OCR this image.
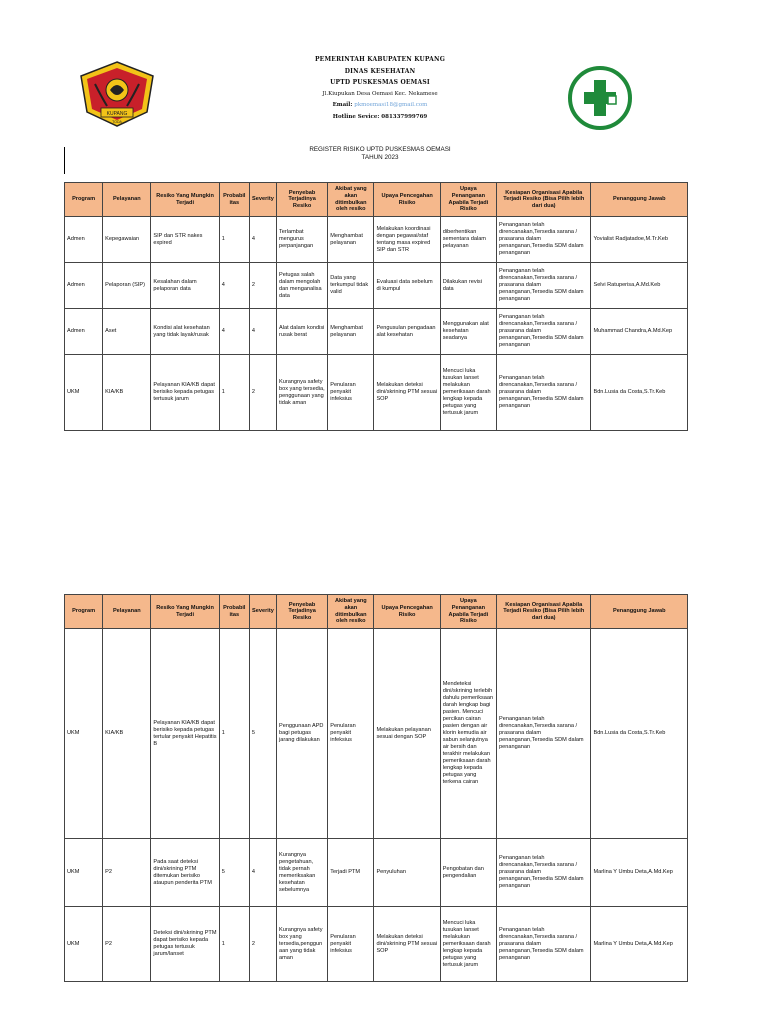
KUPANG
TODA
PEMERINTAH KABUPATEN KUPANG
DINAS KESEHATAN
UPTD PUSKESMAS OEMASI
Jl.Kiupukan Desa Oemasi Kec. Nekamese
Email: pkmoemasi18@gmail.com
Hotline Sevice: 081337999769
REGISTER RISIKO UPTD PUSKESMAS OEMASI
TAHUN 2023
Program	Pelayanan	Resiko Yang Mungkin Terjadi	Probabil itas	Severity	Penyebab Terjadinya Resiko	Akibat yang akan ditimbulkan oleh resiko	Upaya Pencegahan Risiko	Upaya Penanganan Apabila Terjadi Risiko	Kesiapan Organisasi Apabila Terjadi Resiko (Bisa Pilih lebih dari dua)	Penanggung Jawab
Admen	Kepegawaian	SIP dan STR nakes expired	1	4	Terlambat mengurus perpanjangan	Menghambat pelayanan	Melakukan koordinasi dengan pegawai/staf tentang masa expired SIP dan STR	diberhentikan sementara dalam pelayanan	Penanganan telah direncanakan,Tersedia sarana / prasarana dalam penanganan,Tersedia SDM dalam penanganan	Yovialist Radjatadoe,M.Tr.Keb
Admen	Pelaporan (SIP)	Kesalahan dalam pelaporan data	4	2	Petugas salah dalam mengolah dan menganalisa data	Data yang terkumpul tidak valid	Evaluasi data sebelum di kumpul	Dilakukan revisi data	Penanganan telah direncanakan,Tersedia sarana / prasarana dalam penanganan,Tersedia SDM dalam penanganan	Selvi Ratuperisa,A.Md.Keb
Admen	Aset	Kondisi alat kesehatan yang tidak layak/rusak	4	4	Alat dalam kondisi rusak berat	Menghambat pelayanan	Pengusulan pengadaan alat kesehatan	Menggunakan alat kesehatan seadanya	Penanganan telah direncanakan,Tersedia sarana / prasarana dalam penanganan,Tersedia SDM dalam penanganan	Muhammad Chandra,A.Md.Kep
UKM	KIA/KB	Pelayanan KIA/KB dapat berisiko kepada petugas tertusuk jarum	1	2	Kurangnya safety box yang tersedia, penggunaan yang tidak aman	Penularan penyakit infeksius	Melakukan deteksi dini/skrining PTM sesuai SOP	Mencuci luka tusukan lanset melakukan pemeriksaan darah lengkap kepada petugas yang tertusuk jarum	Penanganan telah direncanakan,Tersedia sarana / prasarana dalam penanganan,Tersedia SDM dalam penanganan	Bdn.Lusia da Costa,S.Tr.Keb
Program	Pelayanan	Resiko Yang Mungkin Terjadi	Probabil itas	Severity	Penyebab Terjadinya Resiko	Akibat yang akan ditimbulkan oleh resiko	Upaya Pencegahan Risiko	Upaya Penanganan Apabila Terjadi Risiko	Kesiapan Organisasi Apabila Terjadi Resiko (Bisa Pilih lebih dari dua)	Penanggung Jawab
UKM	KIA/KB	Pelayanan KIA/KB dapat berisiko kepada petugas tertular penyakit Hepatitis B	1	5	Penggunaan APD bagi petugas jarang dilakukan	Penularan penyakit infeksius	Melakukan pelayanan sesuai dengan SOP	Mendeteksi dini/skrining terlebih dahulu pemeriksaan darah lengkap bagi pasien. Mencuci percikan cairan pasien dengan air klorin kemudia air sabun selanjutnya air bersih dan terakhir melakukan pemeriksaan darah lengkap kepada petugas yang terkena cairan	Penanganan telah direncanakan,Tersedia sarana / prasarana dalam penanganan,Tersedia SDM dalam penanganan	Bdn.Lusia da Costa,S.Tr.Keb
UKM	P2	Pada saat deteksi dini/skrining PTM ditemukan berisiko ataupun penderita PTM	5	4	Kurangnya pengetahuan, tidak pernah memeriksakan kesehatan sebelumnya	Terjadi PTM	Penyuluhan	Pengobatan dan pengendalian	Penanganan telah direncanakan,Tersedia sarana / prasarana dalam penanganan,Tersedia SDM dalam penanganan	Marlina Y Umbu Deta,A.Md.Kep
UKM	P2	Deteksi dini/skrining PTM dapat berisiko kepada petugas tertusuk jarum/lanset	1	2	Kurangnya safety box yang tersedia,penggunaan yang tidak aman	Penularan penyakit infeksius	Melakukan deteksi dini/skrining PTM sesuai SOP	Mencuci luka tusukan lanset melakukan pemeriksaan darah lengkap kepada petugas yang tertusuk jarum	Penanganan telah direncanakan,Tersedia sarana / prasarana dalam penanganan,Tersedia SDM dalam penanganan	Marlina Y Umbu Deta,A.Md.Kep
